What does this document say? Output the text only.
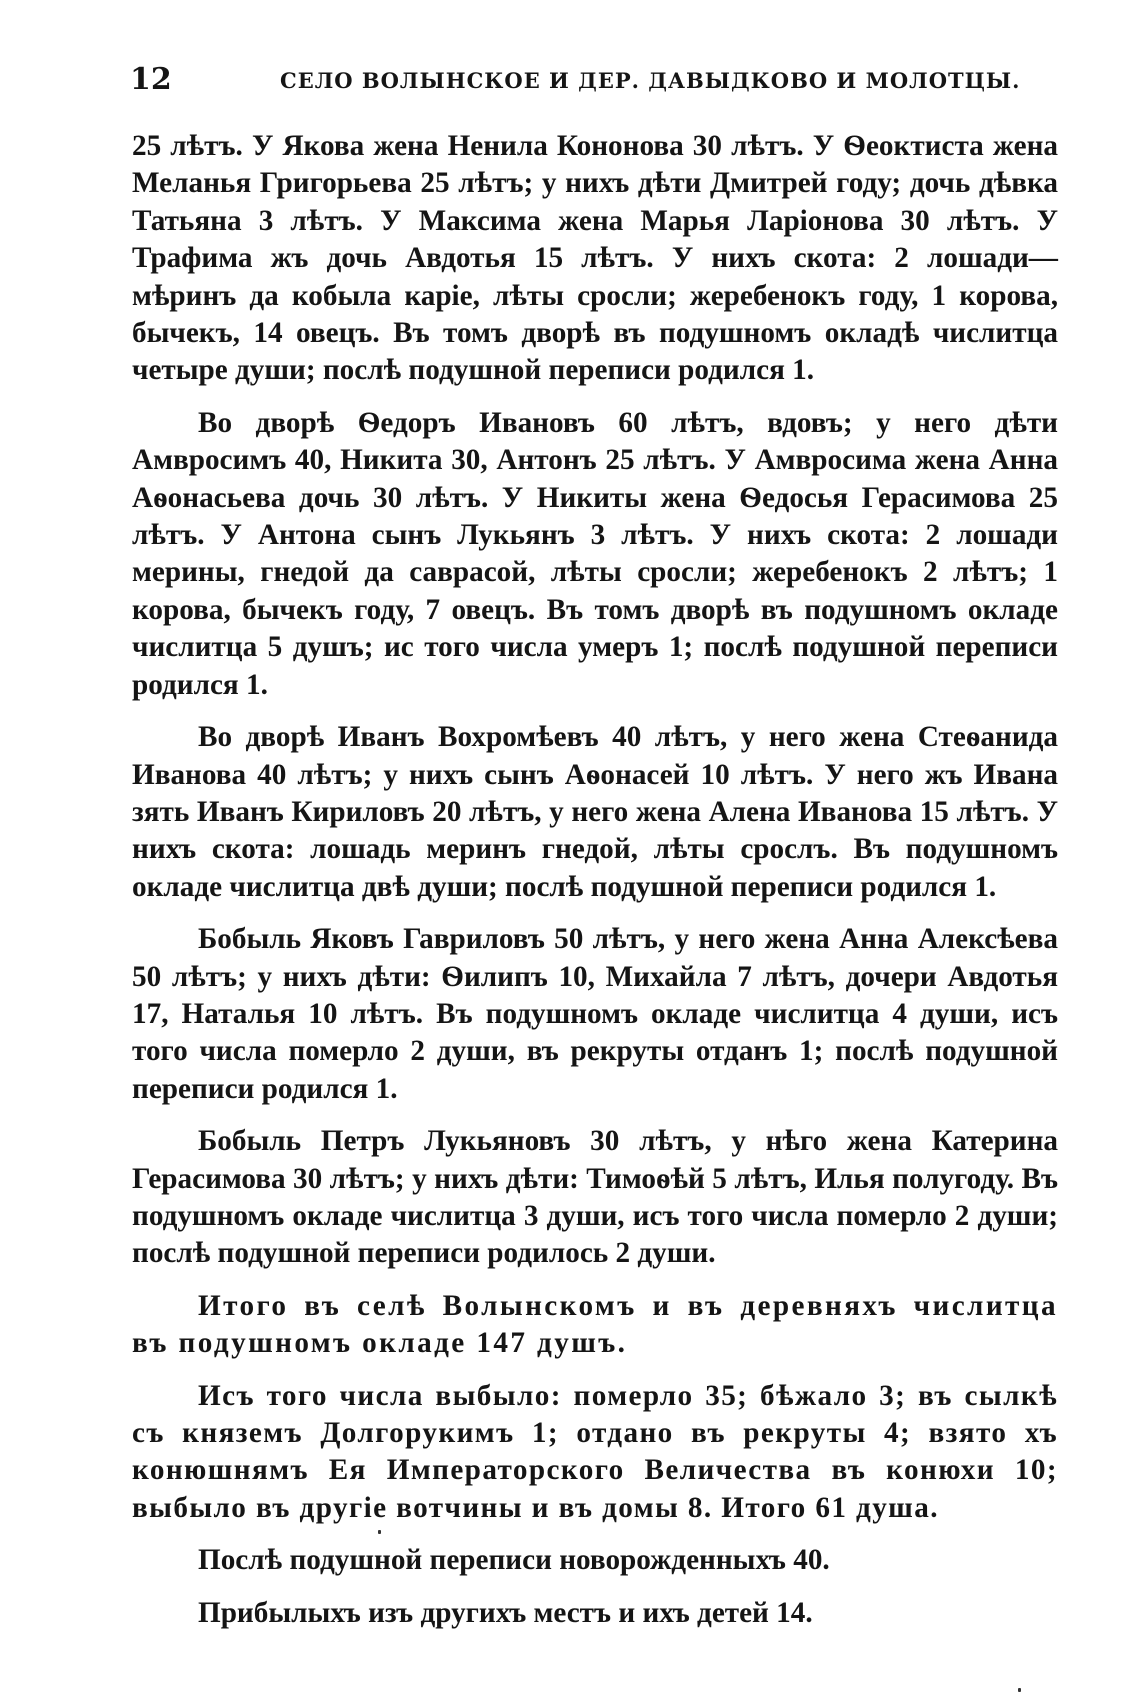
12	СЕЛО ВОЛЫНСКОЕ И ДЕР. ДАВЫДКОВО И МОЛОТЦЫ.

25 лѣтъ. У Якова жена Ненила Кононова 30 лѣтъ. У Ѳеоктиста жена Меланья Григорьева 25 лѣтъ; у нихъ дѣти Дмитрей году; дочь дѣвка Татьяна 3 лѣтъ. У Максима жена Марья Ларіонова 30 лѣтъ. У Трафима жъ дочь Авдотья 15 лѣтъ. У нихъ скота: 2 лошади— мѣринъ да кобыла каріе, лѣты сросли; жеребенокъ году, 1 корова, бычекъ, 14 овецъ. Въ томъ дворѣ въ подушномъ окладѣ числитца четыре души; послѣ подушной переписи родился 1.

Во дворѣ Ѳедоръ Ивановъ 60 лѣтъ, вдовъ; у него дѣти Амвросимъ 40, Никита 30, Антонъ 25 лѣтъ. У Амвросима жена Анна Аѳонасьева дочь 30 лѣтъ. У Никиты жена Ѳедосья Герасимова 25 лѣтъ. У Антона сынъ Лукьянъ 3 лѣтъ. У нихъ скота: 2 лошади мерины, гнедой да саврасой, лѣты сросли; жеребенокъ 2 лѣтъ; 1 корова, бычекъ году, 7 овецъ. Въ томъ дворѣ въ подушномъ окладе числитца 5 душъ; ис того числа умеръ 1; послѣ подушной переписи родился 1.

Во дворѣ Иванъ Вохромѣевъ 40 лѣтъ, у него жена Стеѳанида Иванова 40 лѣтъ; у нихъ сынъ Аѳонасей 10 лѣтъ. У него жъ Ивана зять Иванъ Кириловъ 20 лѣтъ, у него жена Алена Иванова 15 лѣтъ. У нихъ скота: лошадь меринъ гнедой, лѣты срослъ. Въ подушномъ окладе числитца двѣ души; послѣ подушной переписи родился 1.

Бобыль Яковъ Гавриловъ 50 лѣтъ, у него жена Анна Алексѣева 50 лѣтъ; у нихъ дѣти: Ѳилипъ 10, Михайла 7 лѣтъ, дочери Авдотья 17, Наталья 10 лѣтъ. Въ подушномъ окладе числитца 4 души, исъ того числа померло 2 души, въ рекруты отданъ 1; послѣ подушной переписи родился 1.

Бобыль Петръ Лукьяновъ 30 лѣтъ, у нѣго жена Катерина Герасимова 30 лѣтъ; у нихъ дѣти: Тимоѳѣй 5 лѣтъ, Илья полугоду. Въ подушномъ окладе числитца 3 души, исъ того числа померло 2 души; послѣ подушной переписи родилось 2 души.

Итого въ селѣ Волынскомъ и въ деревняхъ числитца въ подушномъ окладе 147 душъ.

Исъ того числа выбыло: померло 35; бѣжало 3; въ сылкѣ съ княземъ Долгорукимъ 1; отдано въ рекруты 4; взято хъ конюшнямъ Ея Императорского Величества въ конюхи 10; выбыло въ другіе вотчины и въ домы 8. Итого 61 душа.

Послѣ подушной переписи новорожденныхъ 40.

Прибылыхъ изъ другихъ местъ и ихъ детей 14.
